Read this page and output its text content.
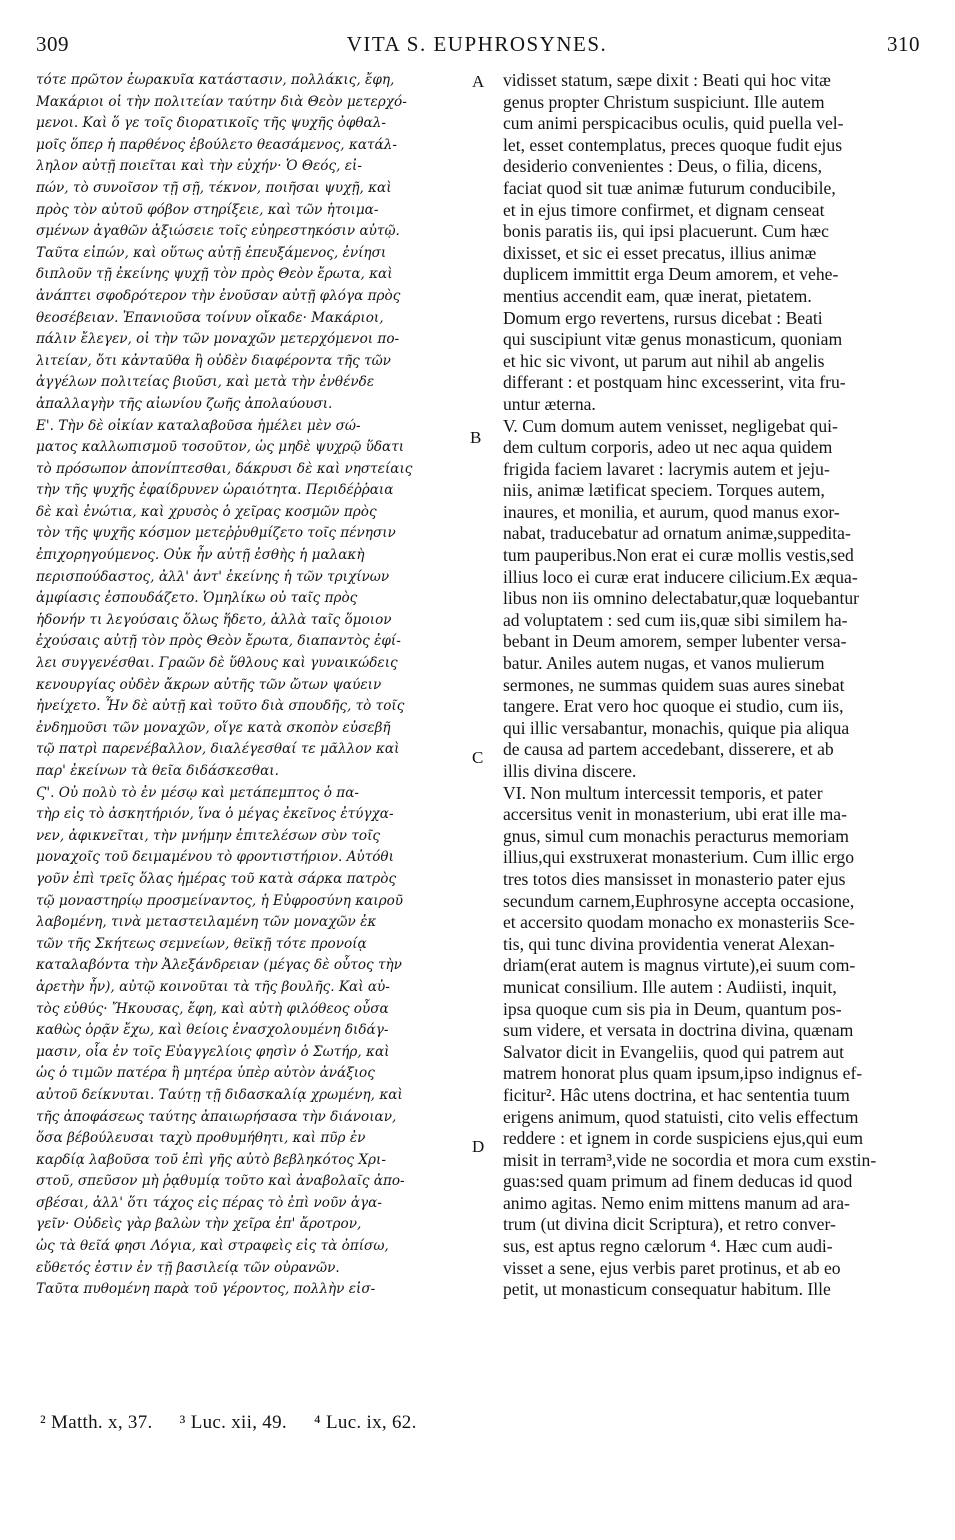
309	VITA S. EUPHROSYNES.	310
A
B
C
D
τότε πρῶτον ἑωρακυῖα κατάστασιν, πολλάκις, ἔφη,
Μακάριοι οἱ τὴν πολιτείαν ταύτην διὰ Θεὸν μετερχό-
μενοι. Καὶ ὅ γε τοῖς διορατικοῖς τῆς ψυχῆς ὀφθαλ-
μοῖς ὅπερ ἡ παρθένος ἐβούλετο θεασάμενος, κατάλ-
ληλον αὐτῇ ποιεῖται καὶ τὴν εὐχήν· Ὁ Θεός, εἰ-
πών, τὸ συνοῖσον τῇ σῇ, τέκνον, ποιῆσαι ψυχῇ, καὶ
πρὸς τὸν αὐτοῦ φόβον στηρίξειε, καὶ τῶν ἡτοιμα-
σμένων ἀγαθῶν ἀξιώσειε τοῖς εὐηρεστηκόσιν αὐτῷ.
Ταῦτα εἰπών, καὶ οὕτως αὐτῇ ἐπευξάμενος, ἐνίησι
διπλοῦν τῇ ἐκείνης ψυχῇ τὸν πρὸς Θεὸν ἔρωτα, καὶ
ἀνάπτει σφοδρότερον τὴν ἐνοῦσαν αὐτῇ φλόγα πρὸς
θεοσέβειαν. Ἐπανιοῦσα τοίνυν οἴκαδε· Μακάριοι,
πάλιν ἔλεγεν, οἱ τὴν τῶν μοναχῶν μετερχόμενοι πο-
λιτείαν, ὅτι κἀνταῦθα ἢ οὐδὲν διαφέροντα τῆς τῶν
ἀγγέλων πολιτείας βιοῦσι, καὶ μετὰ τὴν ἐνθένδε
ἀπαλλαγὴν τῆς αἰωνίου ζωῆς ἀπολαύουσι.
Ε'. Τὴν δὲ οἰκίαν καταλαβοῦσα ἠμέλει μὲν σώ-
ματος καλλωπισμοῦ τοσοῦτον, ὡς μηδὲ ψυχρῷ ὕδατι
τὸ πρόσωπον ἀπονίπτεσθαι, δάκρυσι δὲ καὶ νηστείαις
τὴν τῆς ψυχῆς ἐφαίδρυνεν ὡραιότητα. Περιδέῤῥαια
δὲ καὶ ἐνώτια, καὶ χρυσὸς ὁ χεῖρας κοσμῶν πρὸς
τὸν τῆς ψυχῆς κόσμον μετεῤῥυθμίζετο τοῖς πένησιν
ἐπιχορηγούμενος. Οὐκ ἦν αὐτῇ ἐσθὴς ἡ μαλακὴ
περισπούδαστος, ἀλλ' ἀντ' ἐκείνης ἡ τῶν τριχίνων
ἀμφίασις ἐσπουδάζετο. Ὁμηλίκω οὐ ταῖς πρὸς
ἡδονήν τι λεγούσαις ὅλως ἥδετο, ἀλλὰ ταῖς ὅμοιον
ἐχούσαις αὐτῇ τὸν πρὸς Θεὸν ἔρωτα, διαπαντὸς ἐφί-
λει συγγενέσθαι. Γραῶν δὲ ὕθλους καὶ γυναικώδεις
κενουργίας οὐδὲν ἄκρων αὐτῆς τῶν ὤτων ψαύειν
ἠνείχετο. Ἦν δὲ αὐτῇ καὶ τοῦτο διὰ σπουδῆς, τὸ τοῖς
ἐνδημοῦσι τῶν μοναχῶν, οἵγε κατὰ σκοπὸν εὐσεβῆ
τῷ πατρὶ παρενέβαλλον, διαλέγεσθαί τε μᾶλλον καὶ
παρ' ἐκείνων τὰ θεῖα διδάσκεσθαι.
Ϛ'. Οὐ πολὺ τὸ ἐν μέσῳ καὶ μετάπεμπτος ὁ πα-
τὴρ εἰς τὸ ἀσκητήριόν, ἵνα ὁ μέγας ἐκεῖνος ἐτύγχα-
νεν, ἀφικνεῖται, τὴν μνήμην ἐπιτελέσων σὺν τοῖς
μοναχοῖς τοῦ δειμαμένου τὸ φροντιστήριον. Αὐτόθι
γοῦν ἐπὶ τρεῖς ὅλας ἡμέρας τοῦ κατὰ σάρκα πατρὸς
τῷ μοναστηρίῳ προσμείναντος, ἡ Εὐφροσύνη καιροῦ
λαβομένη, τινὰ μεταστειλαμένη τῶν μοναχῶν ἐκ
τῶν τῆς Σκήτεως σεμνείων, θεϊκῇ τότε προνοίᾳ
καταλαβόντα τὴν Ἀλεξάνδρειαν (μέγας δὲ οὗτος τὴν
ἀρετὴν ἦν), αὐτῷ κοινοῦται τὰ τῆς βουλῆς. Καὶ αὐ-
τὸς εὐθύς· Ἤκουσας, ἔφη, καὶ αὐτὴ φιλόθεος οὖσα
καθὼς ὁρᾷν ἔχω, καὶ θείοις ἐνασχολουμένη διδάγ-
μασιν, οἷα ἐν τοῖς Εὐαγγελίοις φησὶν ὁ Σωτήρ, καὶ
ὡς ὁ τιμῶν πατέρα ἢ μητέρα ὑπὲρ αὐτὸν ἀνάξιος
αὐτοῦ δείκνυται. Ταύτῃ τῇ διδασκαλίᾳ χρωμένη, καὶ
τῆς ἀποφάσεως ταύτης ἀπαιωρήσασα τὴν διάνοιαν,
ὅσα βέβούλευσαι ταχὺ προθυμήθητι, καὶ πῦρ ἐν
καρδίᾳ λαβοῦσα τοῦ ἐπὶ γῆς αὐτὸ βεβληκότος Χρι-
στοῦ, σπεῦσον μὴ ῥᾳθυμίᾳ τοῦτο καὶ ἀναβολαῖς ἀπο-
σβέσαι, ἀλλ' ὅτι τάχος εἰς πέρας τὸ ἐπὶ νοῦν ἀγα-
γεῖν· Οὐδεὶς γὰρ βαλὼν τὴν χεῖρα ἐπ' ἄροτρον,
ὡς τὰ θεῖά φησι Λόγια, καὶ στραφεὶς εἰς τὰ ὀπίσω,
εὔθετός ἐστιν ἐν τῇ βασιλείᾳ τῶν οὐρανῶν.
Ταῦτα πυθομένη παρὰ τοῦ γέροντος, πολλὴν εἰσ-
vidisset statum, sæpe dixit : Beati qui hoc vitæ
genus propter Christum suspiciunt. Ille autem
cum animi perspicacibus oculis, quid puella vel-
let, esset contemplatus, preces quoque fudit ejus
desiderio convenientes : Deus, o filia, dicens,
faciat quod sit tuæ animæ futurum conducibile,
et in ejus timore confirmet, et dignam censeat
bonis paratis iis, qui ipsi placuerunt. Cum hæc
dixisset, et sic ei esset precatus, illius animæ
duplicem immittit erga Deum amorem, et vehe-
mentius accendit eam, quæ inerat, pietatem.
Domum ergo revertens, rursus dicebat : Beati
qui suscipiunt vitæ genus monasticum, quoniam
et hic sic vivont, ut parum aut nihil ab angelis
differant : et postquam hinc excesserint, vita fru-
untur æterna.
V. Cum domum autem venisset, negligebat qui-
dem cultum corporis, adeo ut nec aqua quidem
frigida faciem lavaret : lacrymis autem et jeju-
niis, animæ lætificat speciem. Torques autem,
inaures, et monilia, et aurum, quod manus exor-
nabat, traducebatur ad ornatum animæ,suppedita-
tum pauperibus.Non erat ei curæ mollis vestis,sed
illius loco ei curæ erat inducere cilicium.Ex æqua-
libus non iis omnino delectabatur,quæ loquebantur
ad voluptatem : sed cum iis,quæ sibi similem ha-
bebant in Deum amorem, semper lubenter versa-
batur. Aniles autem nugas, et vanos mulierum
sermones, ne summas quidem suas aures sinebat
tangere. Erat vero hoc quoque ei studio, cum iis,
qui illic versabantur, monachis, quique pia aliqua
de causa ad partem accedebant, disserere, et ab
illis divina discere.
VI. Non multum intercessit temporis, et pater
accersitus venit in monasterium, ubi erat ille ma-
gnus, simul cum monachis peracturus memoriam
illius,qui exstruxerat monasterium. Cum illic ergo
tres totos dies mansisset in monasterio pater ejus
secundum carnem,Euphrosyne accepta occasione,
et accersito quodam monacho ex monasteriis Sce-
tis, qui tunc divina providentia venerat Alexan-
driam(erat autem is magnus virtute),ei suum com-
municat consilium. Ille autem : Audiisti, inquit,
ipsa quoque cum sis pia in Deum, quantum pos-
sum videre, et versata in doctrina divina, quænam
Salvator dicit in Evangeliis, quod qui patrem aut
matrem honorat plus quam ipsum,ipso indignus ef-
ficitur². Hâc utens doctrina, et hac sententia tuum
erigens animum, quod statuisti, cito velis effectum
reddere : et ignem in corde suspiciens ejus,qui eum
misit in terram³,vide ne socordia et mora cum exstin-
guas:sed quam primum ad finem deducas id quod
animo agitas. Nemo enim mittens manum ad ara-
trum (ut divina dicit Scriptura), et retro conver-
sus, est aptus regno cælorum ⁴. Hæc cum audi-
visset a sene, ejus verbis paret protinus, et ab eo
petit, ut monasticum consequatur habitum. Ille
² Matth. x, 37. ³ Luc. xii, 49. ⁴ Luc. ix, 62.
